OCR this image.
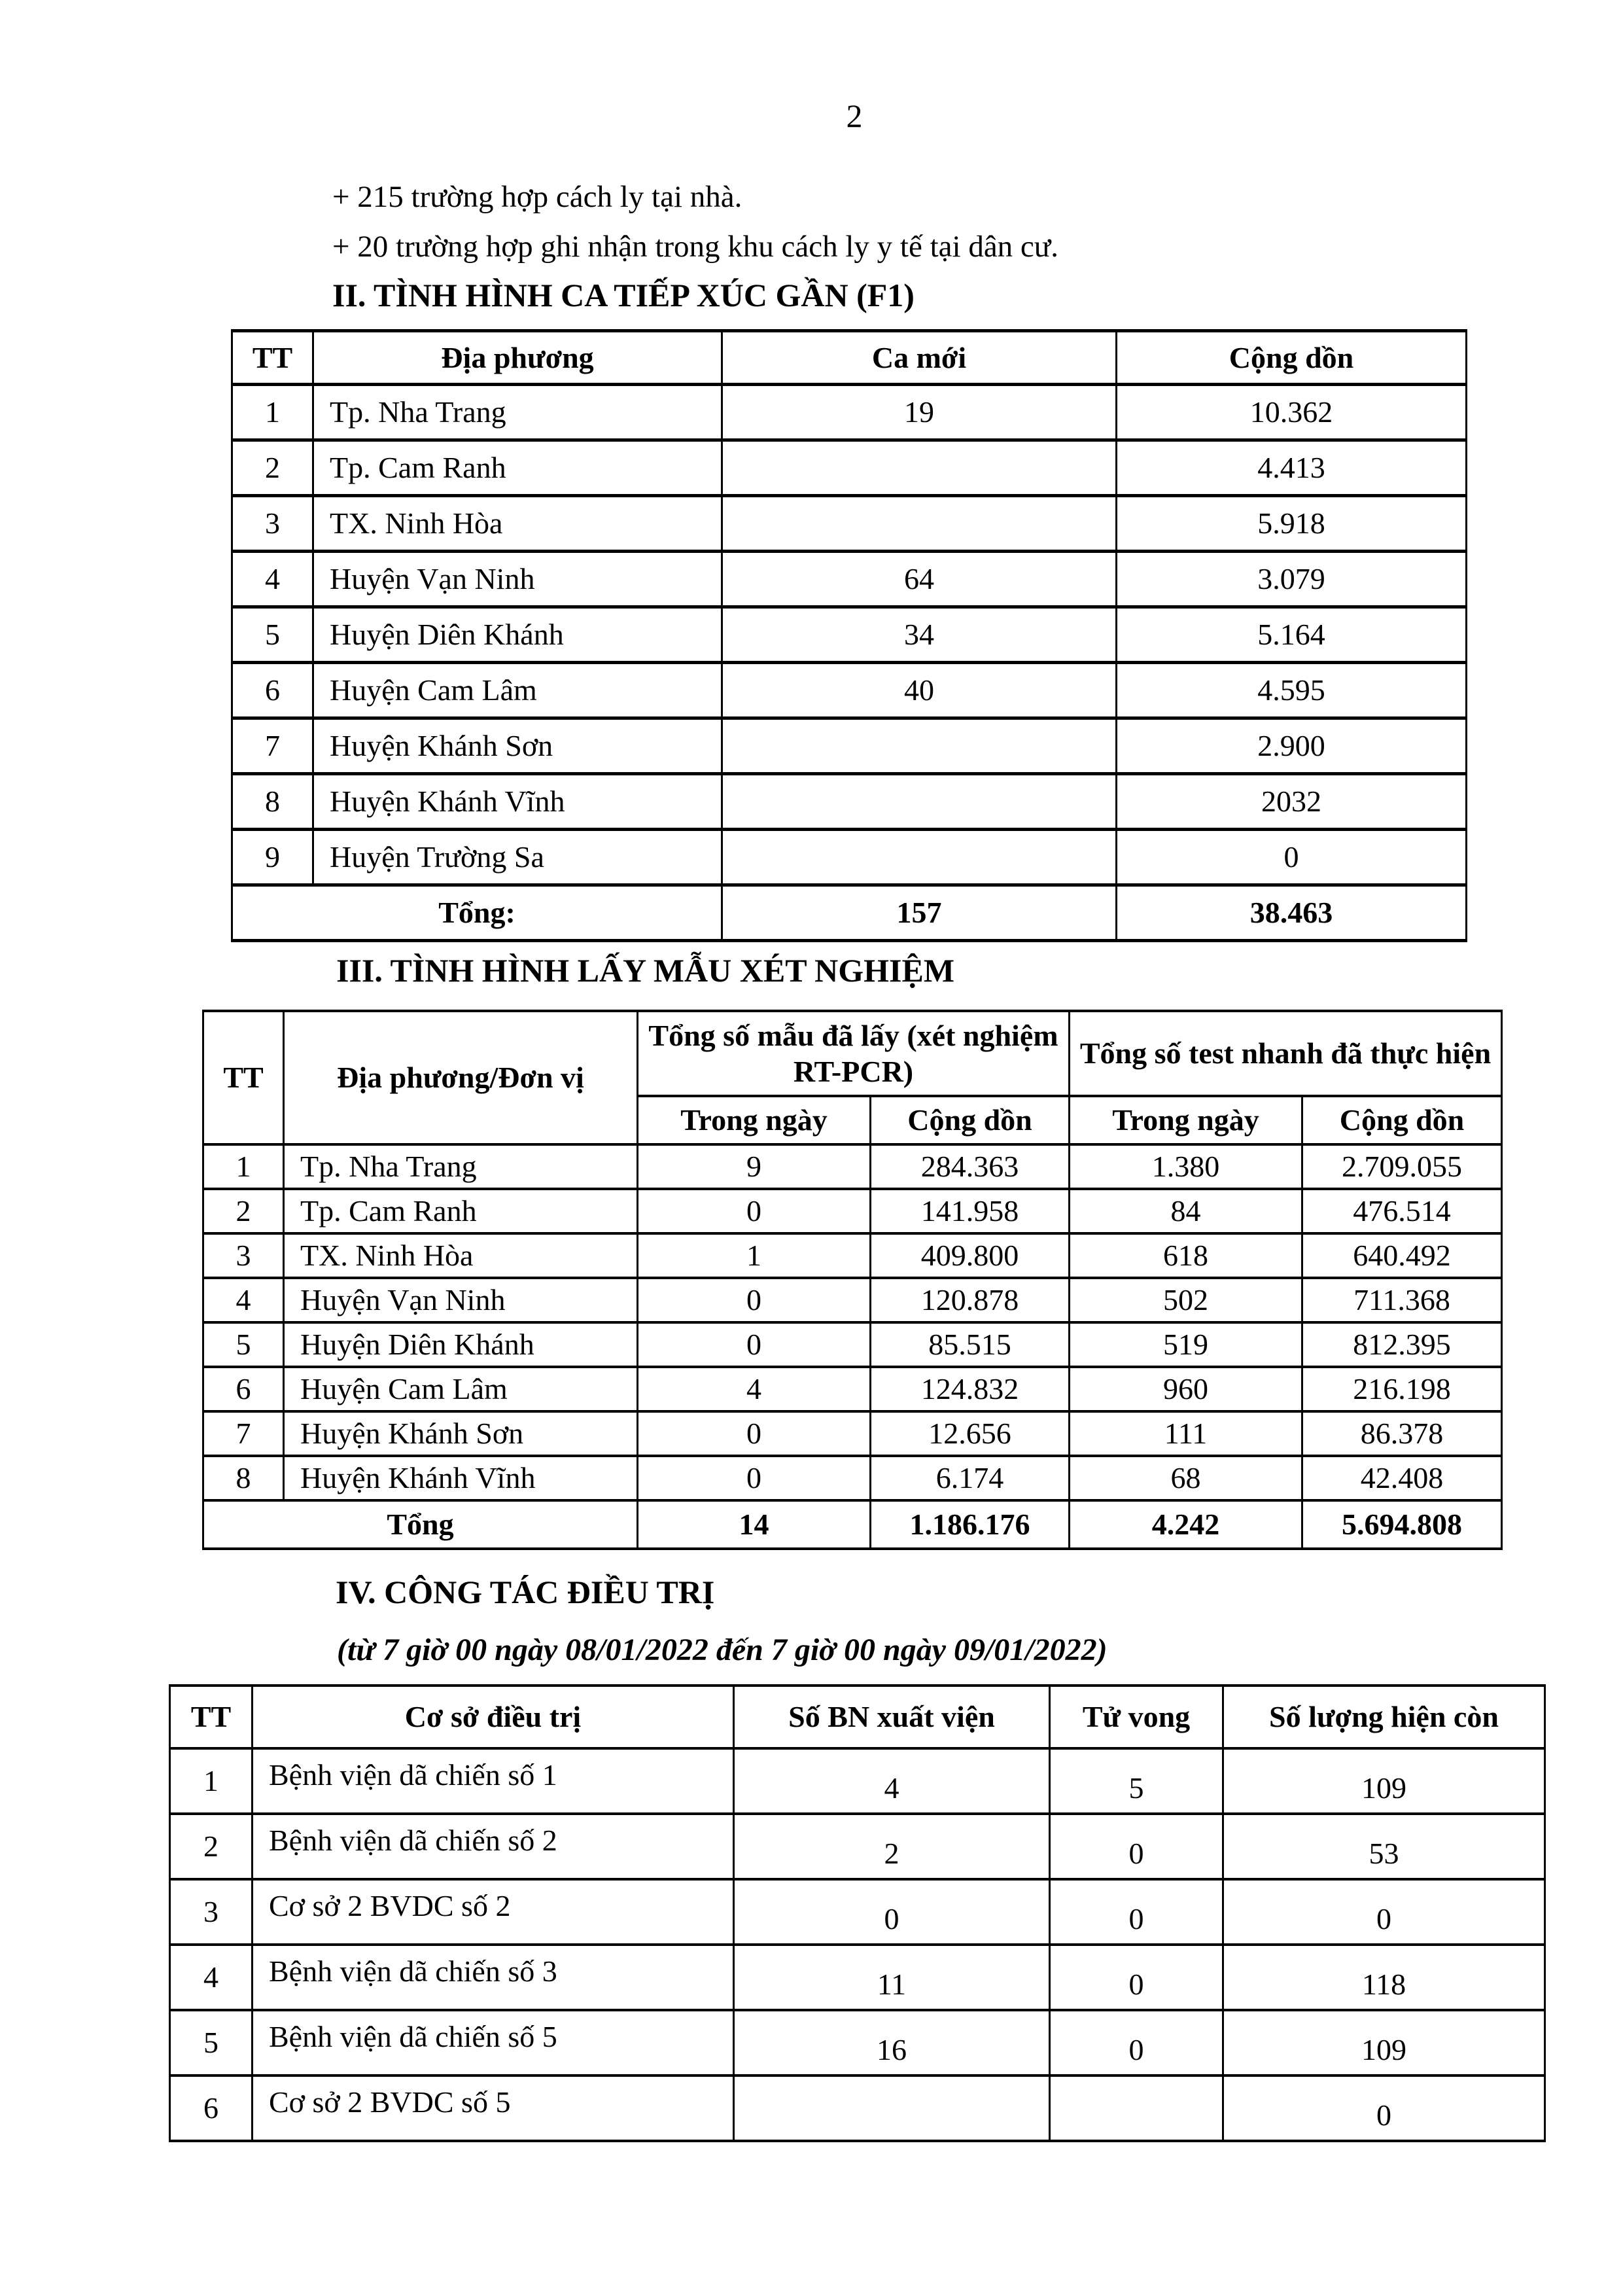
2
+ 215 trường hợp cách ly tại nhà.
+ 20 trường hợp ghi nhận trong khu cách ly y tế tại dân cư.
II. TÌNH HÌNH CA TIẾP XÚC GẦN (F1)
TT	Địa phương	Ca mới	Cộng dồn
1	Tp. Nha Trang	19	10.362
2	Tp. Cam Ranh		4.413
3	TX. Ninh Hòa		5.918
4	Huyện Vạn Ninh	64	3.079
5	Huyện Diên Khánh	34	5.164
6	Huyện Cam Lâm	40	4.595
7	Huyện Khánh Sơn		2.900
8	Huyện Khánh Vĩnh		2032
9	Huyện Trường Sa		0
Tổng:		157	38.463
III. TÌNH HÌNH LẤY MẪU XÉT NGHIỆM
TT	Địa phương/Đơn vị	Tổng số mẫu đã lấy (xét nghiệm RT-PCR)		Tổng số test nhanh đã thực hiện	
		Trong ngày	Cộng dồn	Trong ngày	Cộng dồn
1	Tp. Nha Trang	9	284.363	1.380	2.709.055
2	Tp. Cam Ranh	0	141.958	84	476.514
3	TX. Ninh Hòa	1	409.800	618	640.492
4	Huyện Vạn Ninh	0	120.878	502	711.368
5	Huyện Diên Khánh	0	85.515	519	812.395
6	Huyện Cam Lâm	4	124.832	960	216.198
7	Huyện Khánh Sơn	0	12.656	111	86.378
8	Huyện Khánh Vĩnh	0	6.174	68	42.408
Tổng		14	1.186.176	4.242	5.694.808
IV. CÔNG TÁC ĐIỀU TRỊ
(từ 7 giờ 00 ngày 08/01/2022 đến 7 giờ 00 ngày 09/01/2022)
TT	Cơ sở điều trị	Số BN xuất viện	Tử vong	Số lượng hiện còn
1	Bệnh viện dã chiến số 1	4	5	109
2	Bệnh viện dã chiến số 2	2	0	53
3	Cơ sở 2 BVDC số 2	0	0	0
4	Bệnh viện dã chiến số 3	11	0	118
5	Bệnh viện dã chiến số 5	16	0	109
6	Cơ sở 2 BVDC số 5			0
